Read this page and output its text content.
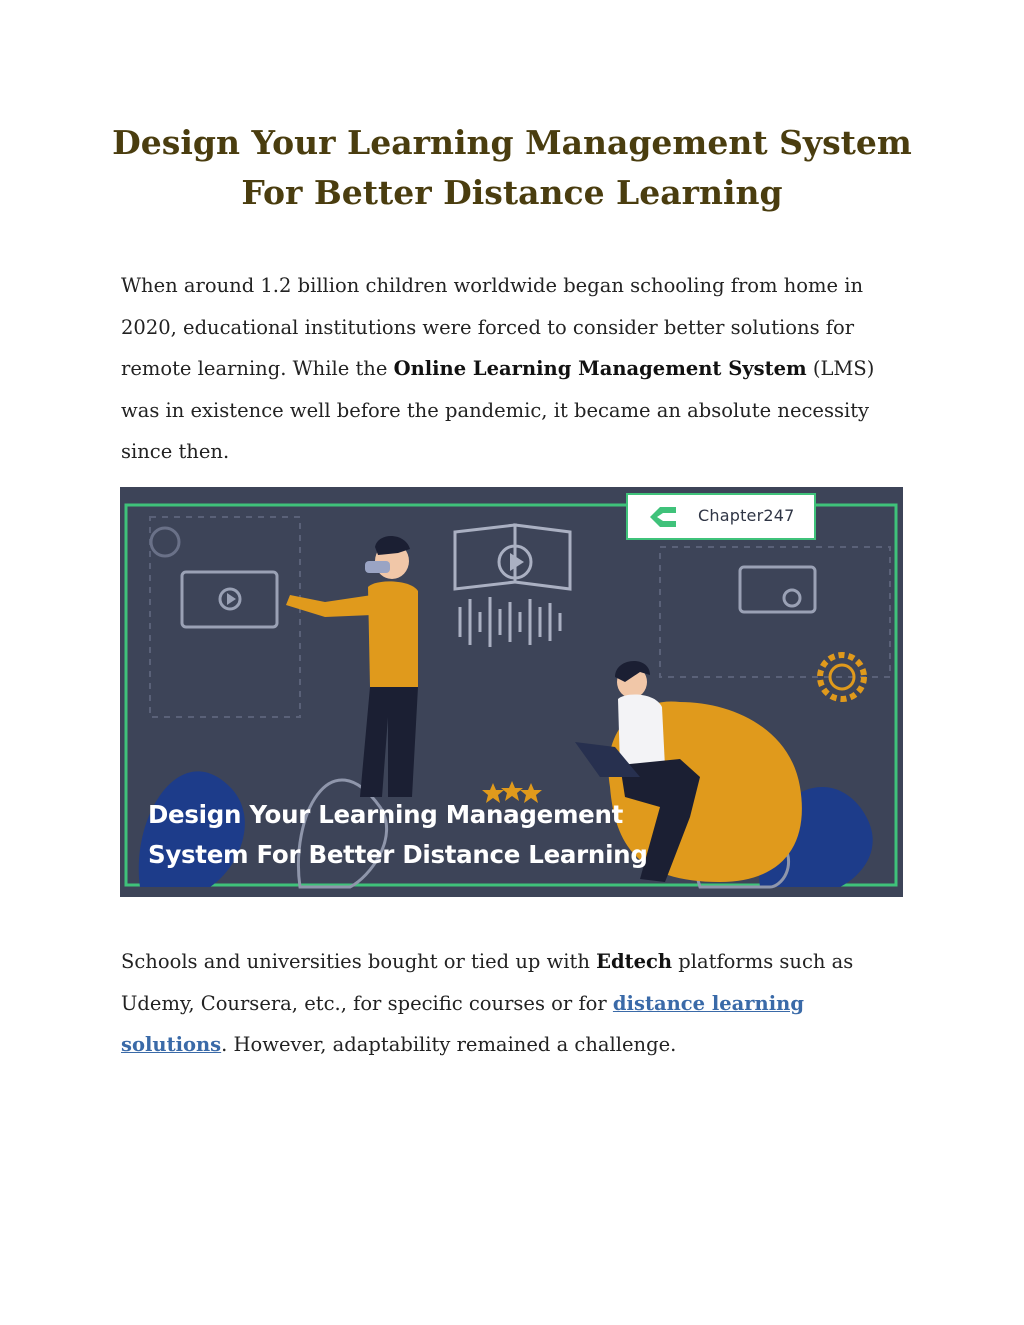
Design Your Learning Management System
For Better Distance Learning

When around 1.2 billion children worldwide began schooling from home in 2020, educational institutions were forced to consider better solutions for remote learning. While the Online Learning Management System (LMS) was in existence well before the pandemic, it became an absolute necessity since then.

Chapter247
Design Your Learning Management
System For Better Distance Learning

Schools and universities bought or tied up with Edtech platforms such as Udemy, Coursera, etc., for specific courses or for distance learning solutions. However, adaptability remained a challenge.
